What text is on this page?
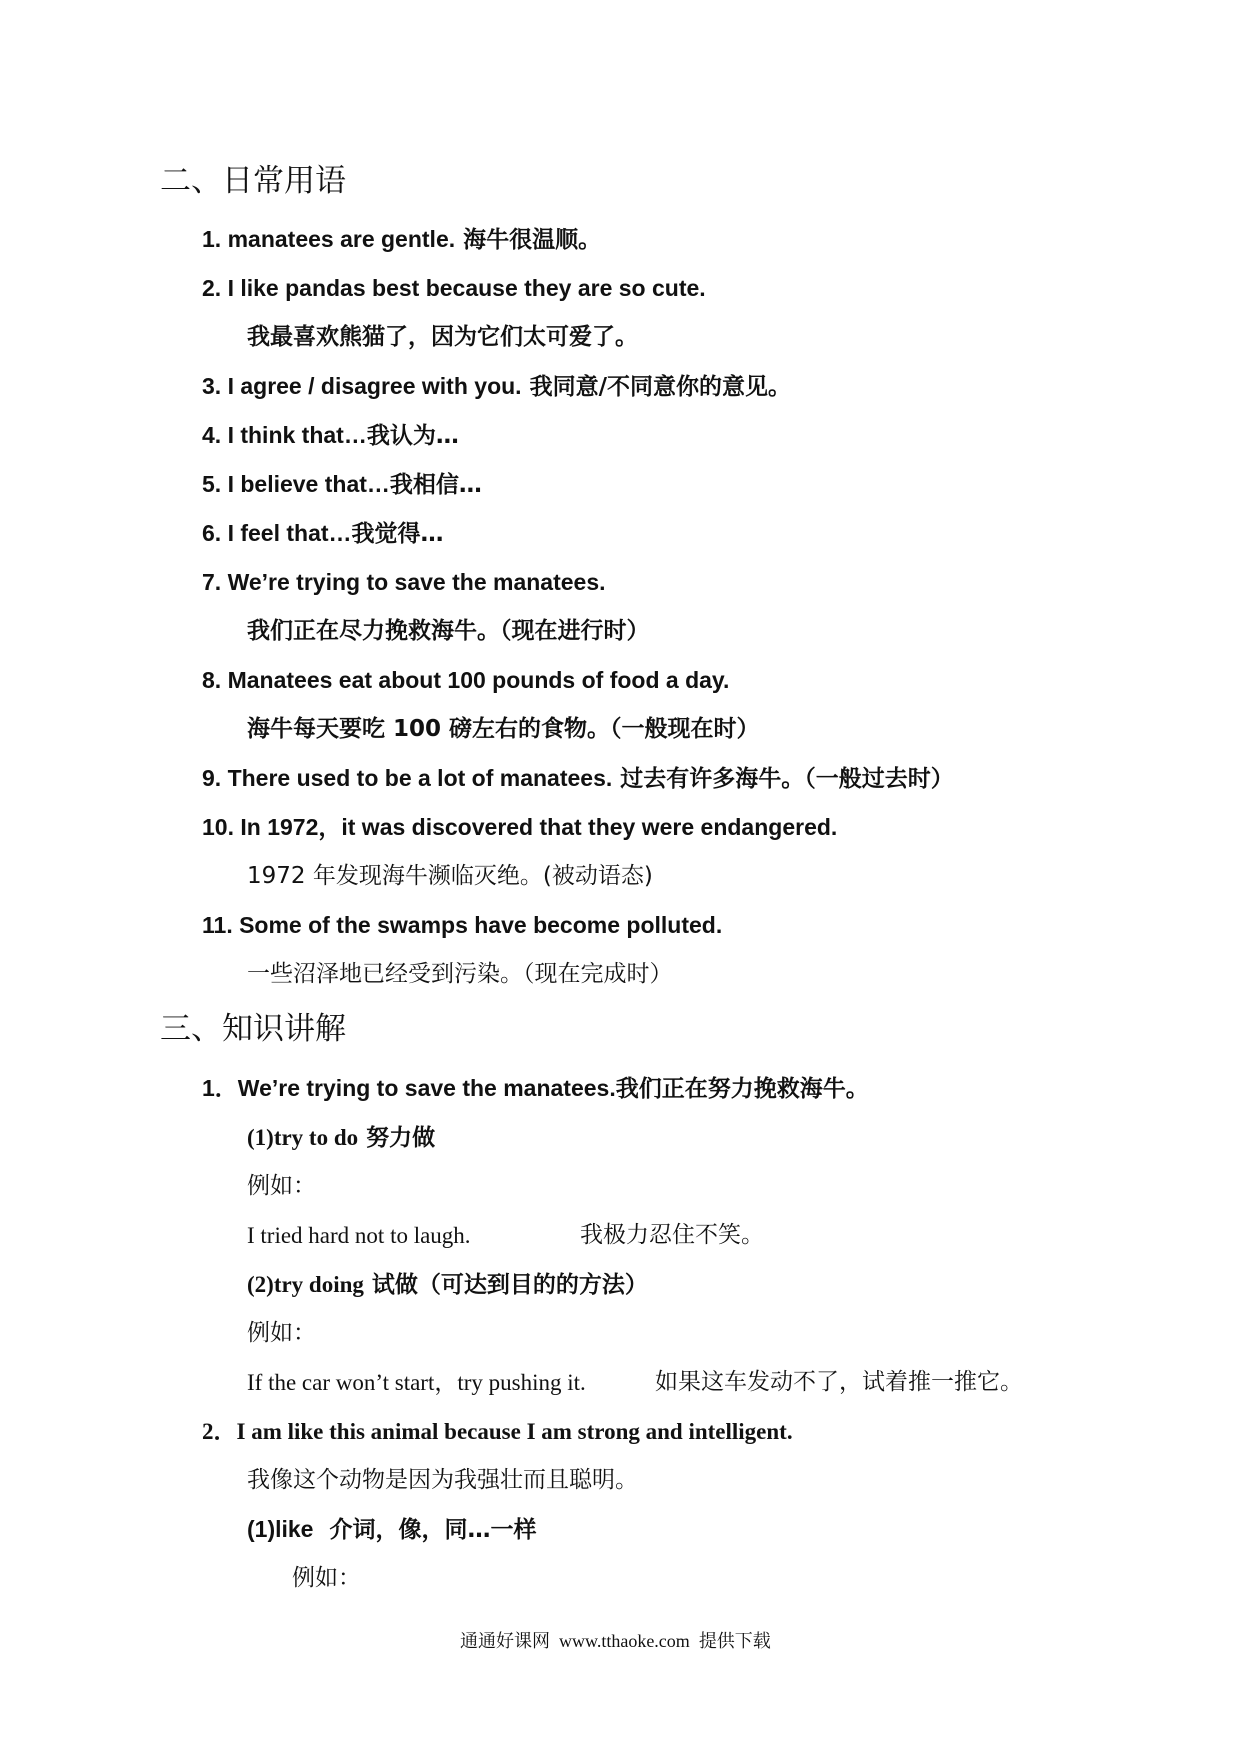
二、日常用语
1. manatees are gentle. 海牛很温顺。
2. I like pandas best because they are so cute.
我最喜欢熊猫了，因为它们太可爱了。
3. I agree / disagree with you. 我同意/不同意你的意见。
4. I think that…我认为…
5. I believe that…我相信…
6. I feel that…我觉得…
7. We’re trying to save the manatees.
我们正在尽力挽救海牛。（现在进行时）
8. Manatees eat about 100 pounds of food a day.
海牛每天要吃 100 磅左右的食物。（一般现在时）
9. There used to be a lot of manatees. 过去有许多海牛。（一般过去时）
10. In 1972，it was discovered that they were endangered.
1972 年发现海牛濒临灭绝。(被动语态)
11. Some of the swamps have become polluted.
一些沼泽地已经受到污染。（现在完成时）
三、知识讲解
1．We’re trying to save the manatees.我们正在努力挽救海牛。
(1)try to do 努力做
例如：
I tried hard not to laugh.	我极力忍住不笑。
(2)try doing 试做（可达到目的的方法）
例如：
If the car won’t start，try pushing it.	如果这车发动不了，试着推一推它。
2．I am like this animal because I am strong and intelligent.
我像这个动物是因为我强壮而且聪明。
(1)like 介词，像，同…一样
例如：
通通好课网 www.tthaoke.com 提供下载
